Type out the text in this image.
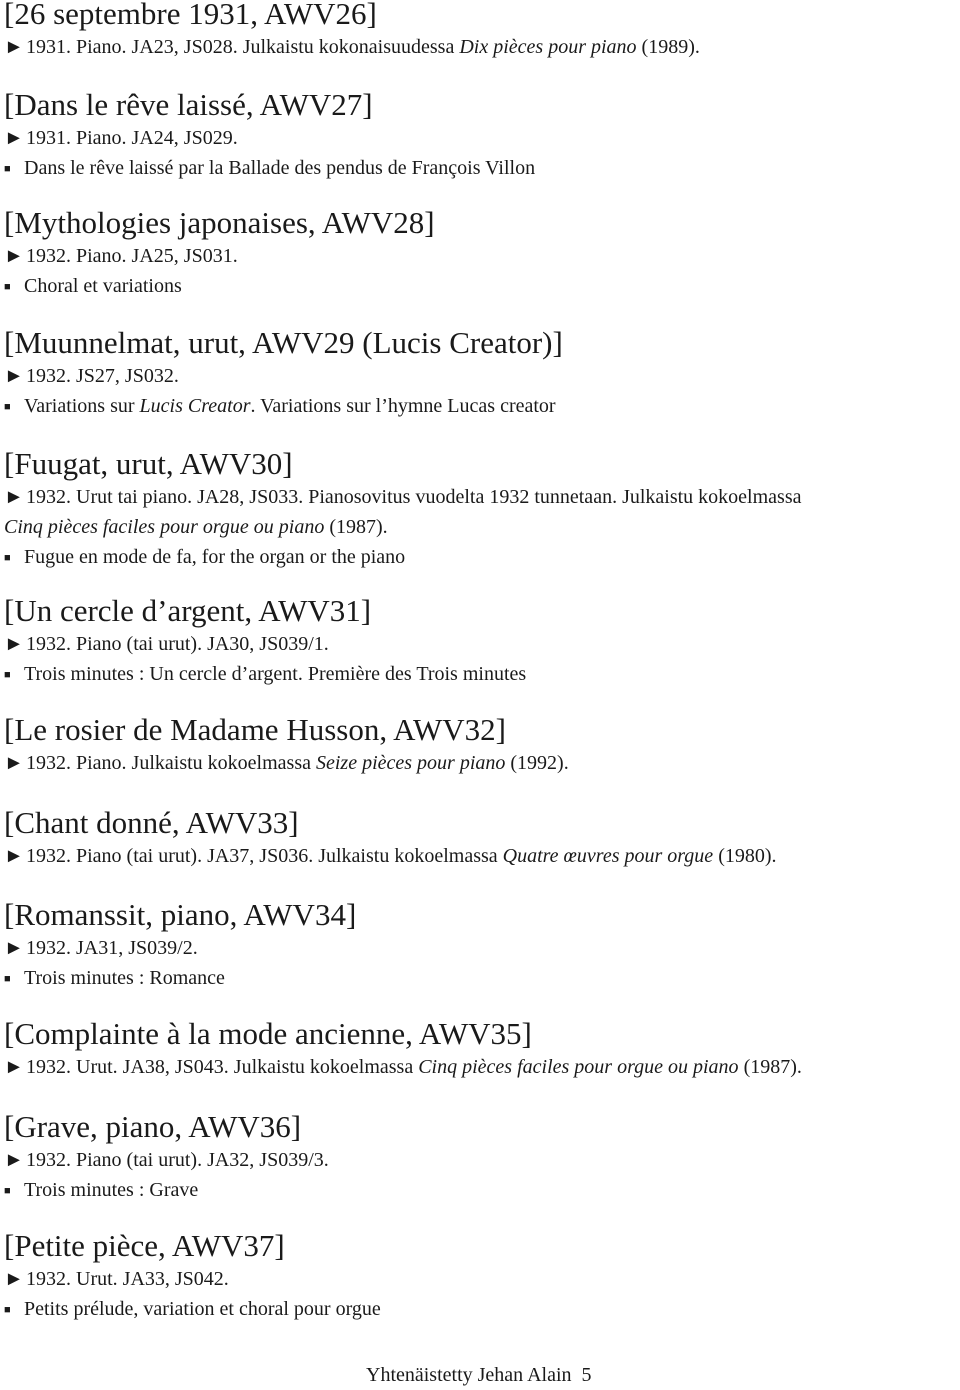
[26 septembre 1931, AWV26]
► 1931. Piano. JA23, JS028. Julkaistu kokonaisuudessa Dix pièces pour piano (1989).
[Dans le rêve laissé, AWV27]
► 1931. Piano. JA24, JS029.
■ Dans le rêve laissé par la Ballade des pendus de François Villon
[Mythologies japonaises, AWV28]
► 1932. Piano. JA25, JS031.
■ Choral et variations
[Muunnelmat, urut, AWV29 (Lucis Creator)]
► 1932. JS27, JS032.
■ Variations sur Lucis Creator. Variations sur l’hymne Lucas creator
[Fuugat, urut, AWV30]
► 1932. Urut tai piano. JA28, JS033. Pianosovitus vuodelta 1932 tunnetaan. Julkaistu kokoelmassa
Cinq pièces faciles pour orgue ou piano (1987).
■ Fugue en mode de fa, for the organ or the piano
[Un cercle d’argent, AWV31]
► 1932. Piano (tai urut). JA30, JS039/1.
■ Trois minutes : Un cercle d’argent. Première des Trois minutes
[Le rosier de Madame Husson, AWV32]
► 1932. Piano. Julkaistu kokoelmassa Seize pièces pour piano (1992).
[Chant donné, AWV33]
► 1932. Piano (tai urut). JA37, JS036. Julkaistu kokoelmassa Quatre œuvres pour orgue (1980).
[Romanssit, piano, AWV34]
► 1932. JA31, JS039/2.
■ Trois minutes : Romance
[Complainte à la mode ancienne, AWV35]
► 1932. Urut. JA38, JS043. Julkaistu kokoelmassa Cinq pièces faciles pour orgue ou piano (1987).
[Grave, piano, AWV36]
► 1932. Piano (tai urut). JA32, JS039/3.
■ Trois minutes : Grave
[Petite pièce, AWV37]
► 1932. Urut. JA33, JS042.
■ Petits prélude, variation et choral pour orgue
Yhtenäistetty Jehan Alain 5
